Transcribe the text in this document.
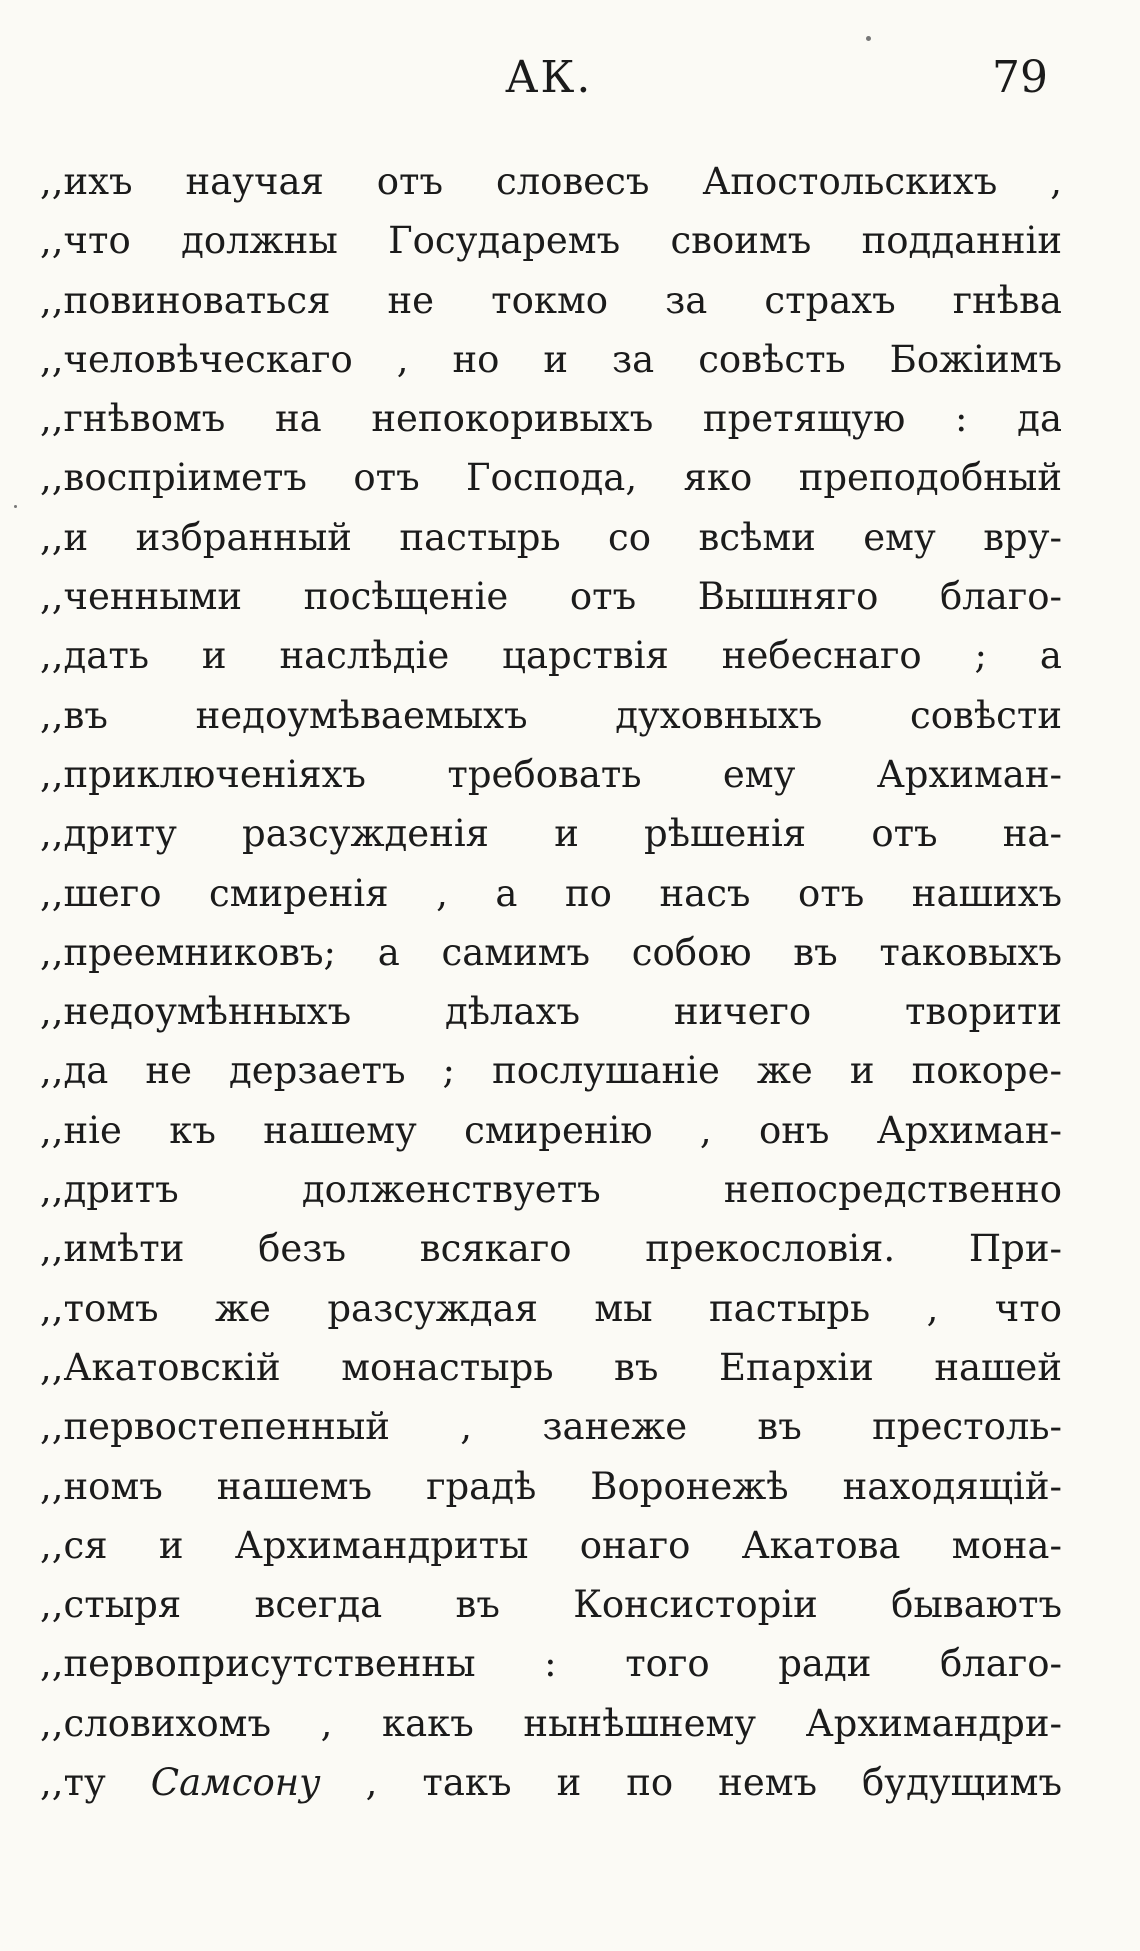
АК.	79
,,ихъ научая отъ словесъ Апостольскихъ ,
,,что должны Государемъ своимъ подданнiи
,,повиноваться не токмо за страхъ гнѣва
,,человѣческаго , но и за совѣсть Божiимъ
,,гнѣвомъ на непокоривыхъ претящую : да
,,воспрiиметъ отъ Господа, яко преподобный
,,и избранный пастырь со всѣми ему вру-
,,ченными посѣщенiе отъ Вышняго благо-
,,дать и наслѣдiе царствiя небеснаго ; а
,,въ недоумѣваемыхъ духовныхъ совѣсти
,,приключенiяхъ требовать ему Архиман-
,,дриту разсужденiя и рѣшенiя отъ на-
,,шего смиренiя , а по насъ отъ нашихъ
,,преемниковъ; а самимъ собою въ таковыхъ
,,недоумѣнныхъ дѣлахъ ничего творити
,,да не дерзаетъ ; послушанiе же и покоре-
,,нiе къ нашему смиренiю , онъ Архиман-
,,дритъ долженствуетъ непосредственно
,,имѣти безъ всякаго прекословiя. При-
,,томъ же разсуждая мы пастырь , что
,,Акатовскiй монастырь въ Епархiи нашей
,,первостепенный , занеже въ престоль-
,,номъ нашемъ градѣ Воронежѣ находящiй-
,,ся и Архимандриты онаго Акатова мона-
,,стыря всегда въ Консисторiи бываютъ
,,первоприсутственны : того ради благо-
,,словихомъ , какъ нынѣшнему Архимандри-
,,ту Самсону , такъ и по немъ будущимъ
